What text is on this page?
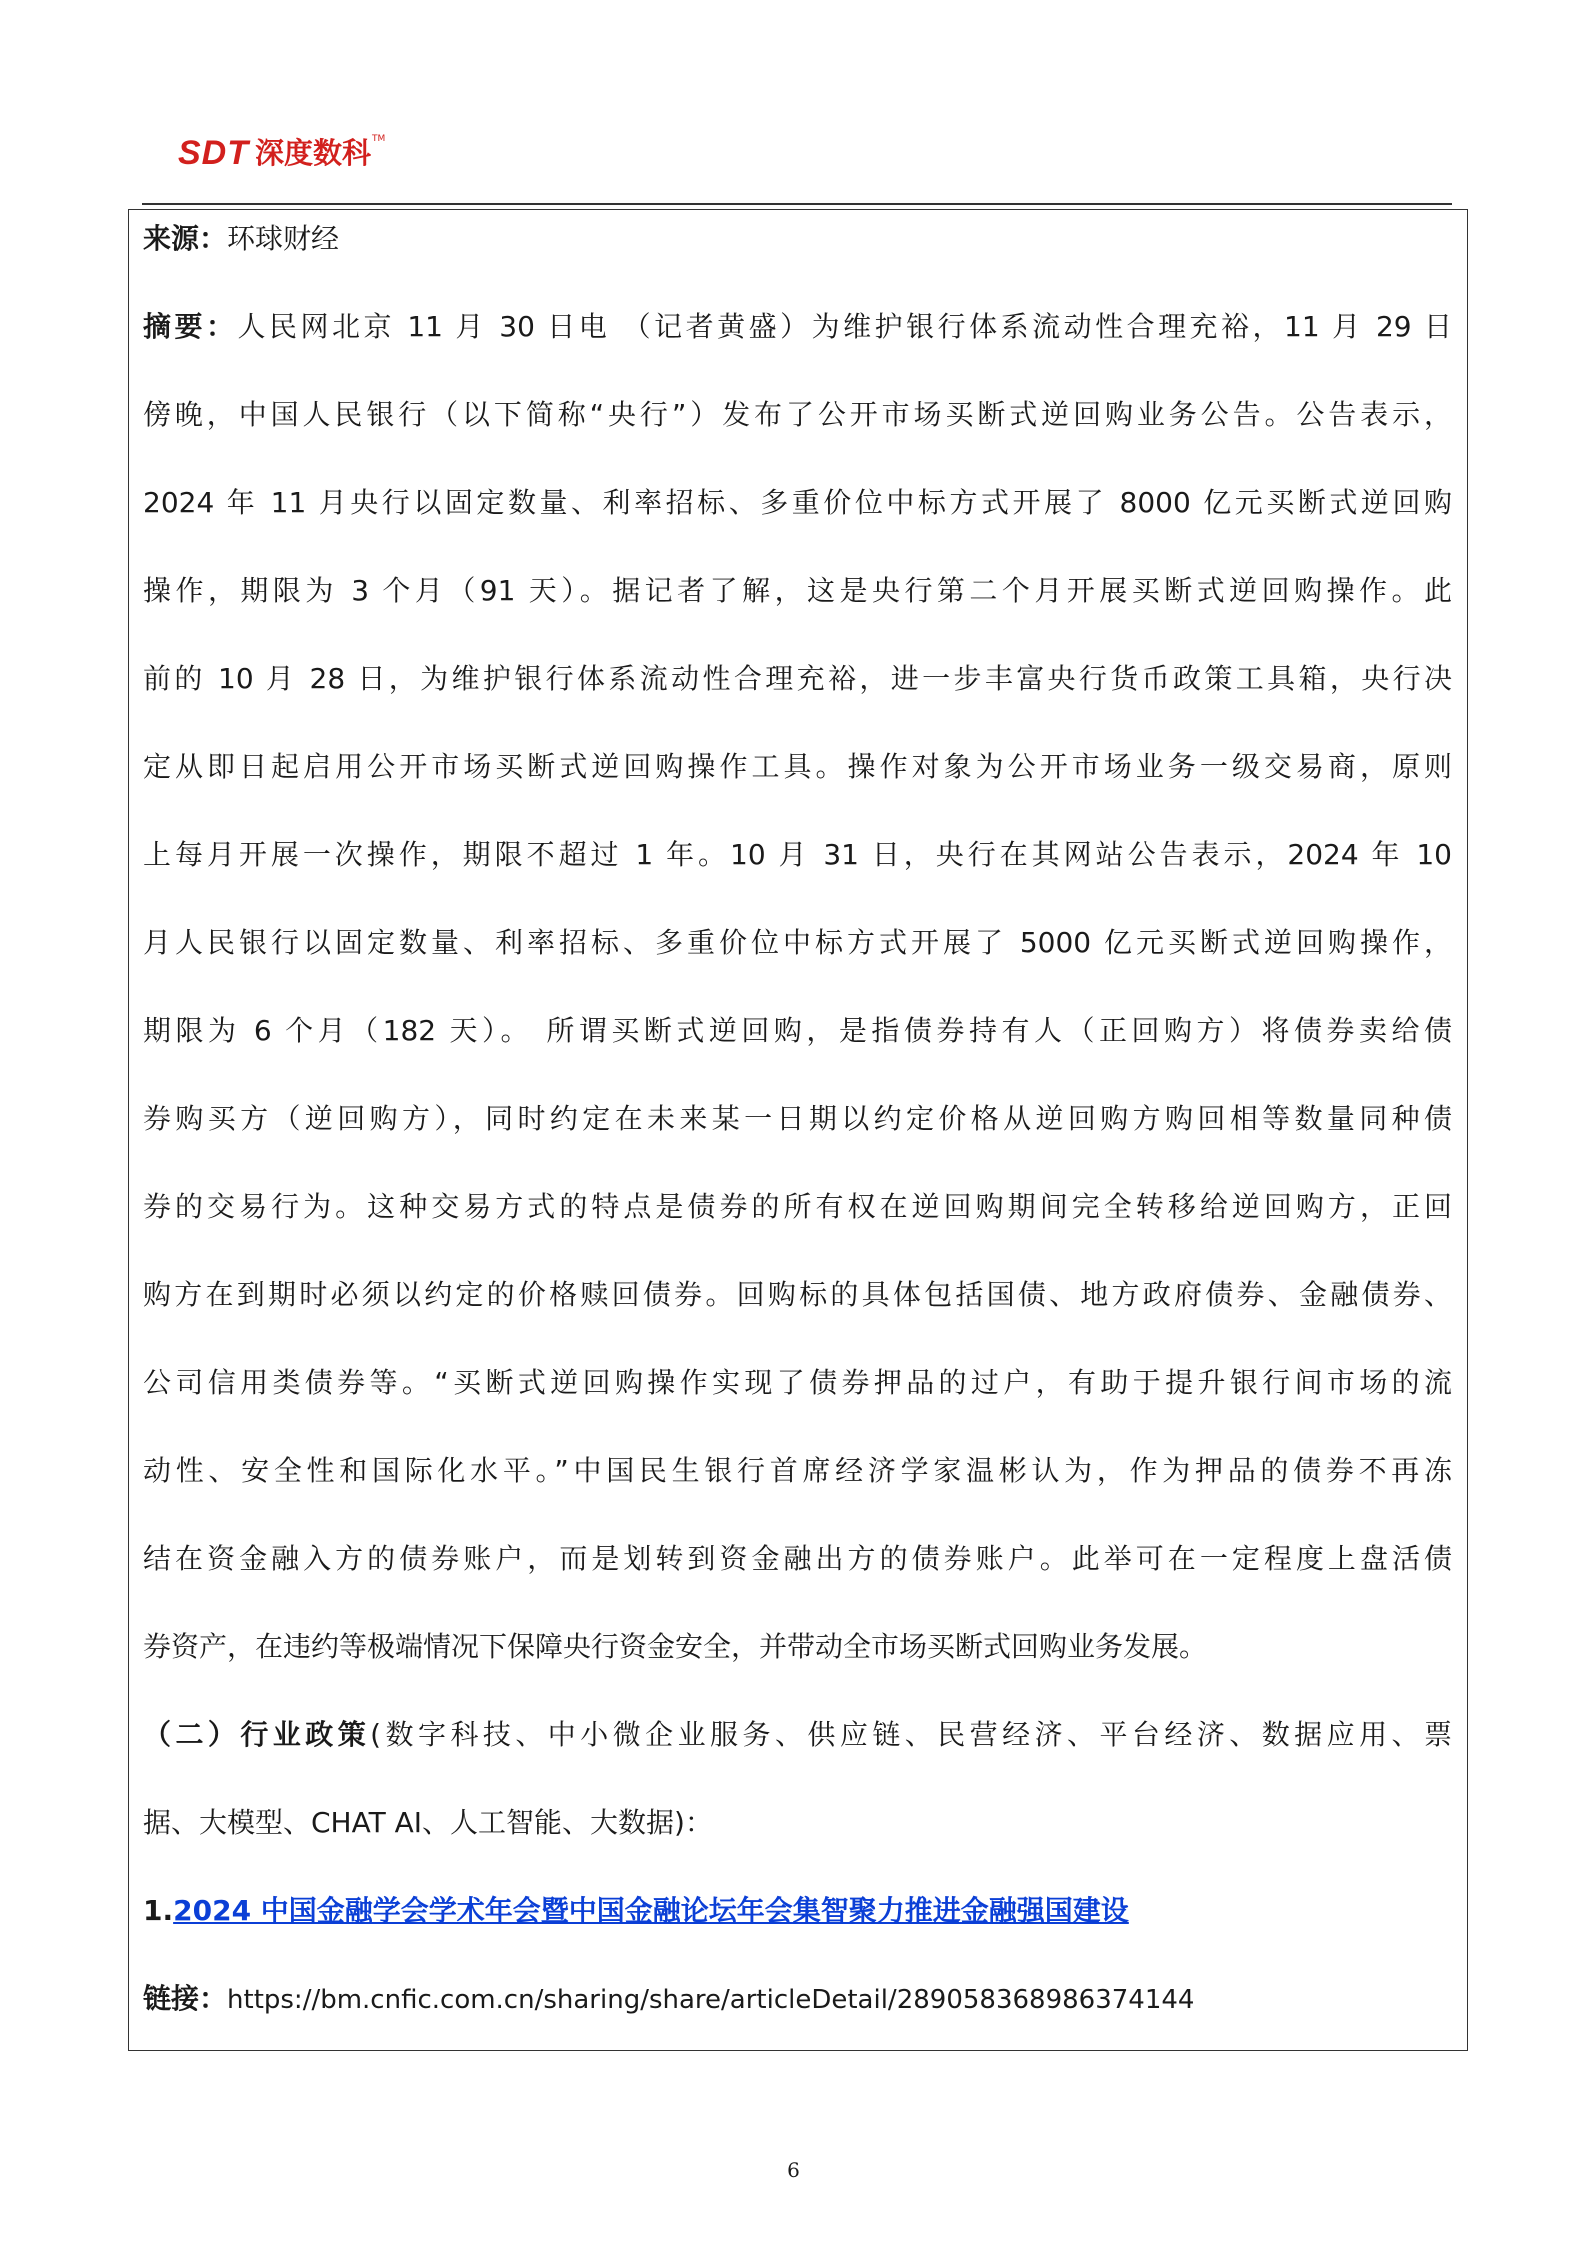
SDT 深度数科 TM
来源：环球财经
摘要：人民网北京 11 月 30 日电 （记者黄盛）为维护银行体系流动性合理充裕，11 月 29 日
傍晚，中国人民银行（以下简称“央行”）发布了公开市场买断式逆回购业务公告。公告表示，
2024 年 11 月央行以固定数量、利率招标、多重价位中标方式开展了 8000 亿元买断式逆回购
操作，期限为 3 个月（91 天）。据记者了解，这是央行第二个月开展买断式逆回购操作。此
前的 10 月 28 日，为维护银行体系流动性合理充裕，进一步丰富央行货币政策工具箱，央行决
定从即日起启用公开市场买断式逆回购操作工具。操作对象为公开市场业务一级交易商，原则
上每月开展一次操作，期限不超过 1 年。10 月 31 日，央行在其网站公告表示，2024 年 10
月人民银行以固定数量、利率招标、多重价位中标方式开展了 5000 亿元买断式逆回购操作，
期限为 6 个月（182 天）。 所谓买断式逆回购，是指债券持有人（正回购方）将债券卖给债
券购买方（逆回购方），同时约定在未来某一日期以约定价格从逆回购方购回相等数量同种债
券的交易行为。这种交易方式的特点是债券的所有权在逆回购期间完全转移给逆回购方，正回
购方在到期时必须以约定的价格赎回债券。回购标的具体包括国债、地方政府债券、金融债券、
公司信用类债券等。“买断式逆回购操作实现了债券押品的过户，有助于提升银行间市场的流
动性、安全性和国际化水平。”中国民生银行首席经济学家温彬认为，作为押品的债券不再冻
结在资金融入方的债券账户，而是划转到资金融出方的债券账户。此举可在一定程度上盘活债
券资产，在违约等极端情况下保障央行资金安全，并带动全市场买断式回购业务发展。
（二）行业政策(数字科技、中小微企业服务、供应链、民营经济、平台经济、数据应用、票
据、大模型、CHAT AI、人工智能、大数据)：
1.2024 中国金融学会学术年会暨中国金融论坛年会集智聚力推进金融强国建设
链接：https://bm.cnfic.com.cn/sharing/share/articleDetail/289058368986374144
6
